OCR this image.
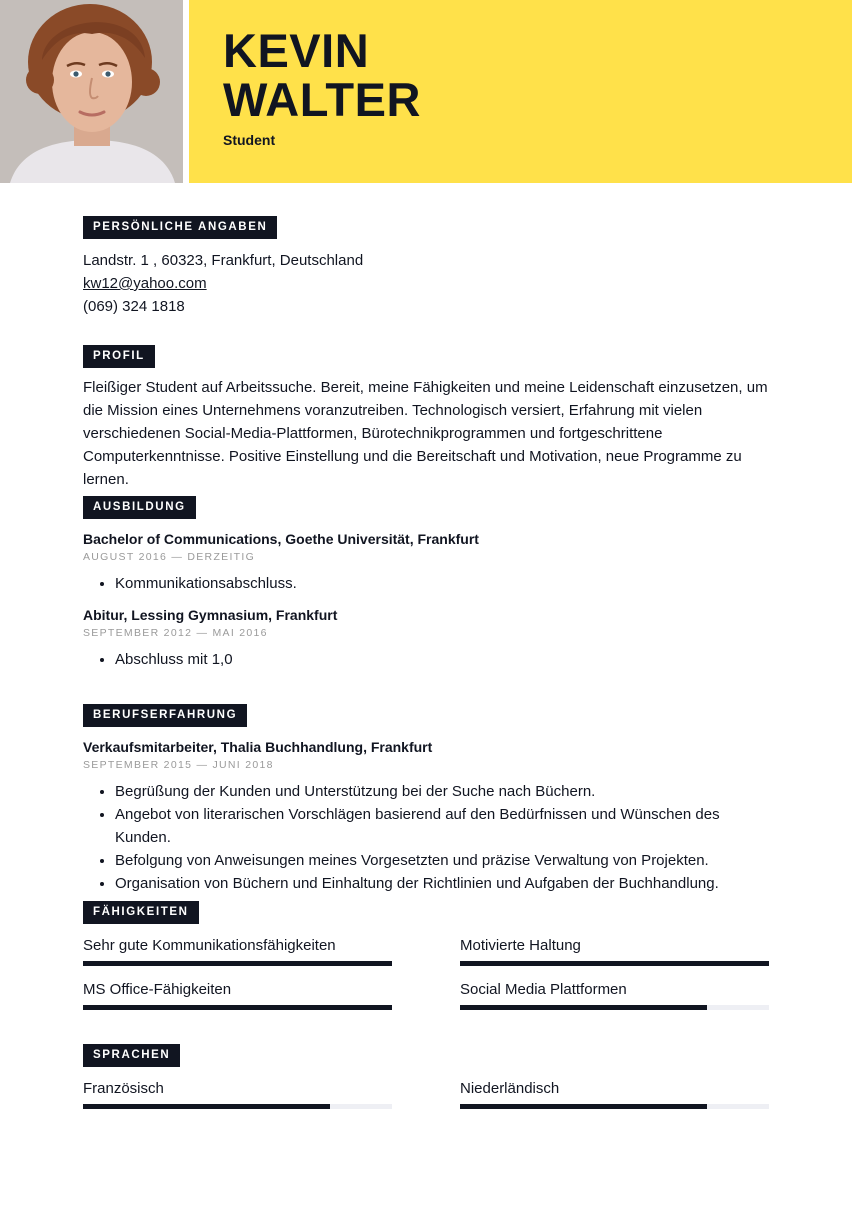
KEVIN
WALTER

Student

PERSÖNLICHE ANGABEN

Landstr. 1 , 60323, Frankfurt, Deutschland

kw12@yahoo.com

(069) 324 1818

PROFIL

Fleißiger Student auf Arbeitssuche. Bereit, meine Fähigkeiten und meine Leidenschaft einzusetzen, um die Mission eines Unternehmens voranzutreiben. Technologisch versiert, Erfahrung mit vielen verschiedenen Social-Media-Plattformen, Bürotechnikprogrammen und fortgeschrittene Computerkenntnisse. Positive Einstellung und die Bereitschaft und Motivation, neue Programme zu lernen.

AUSBILDUNG

Bachelor of Communications, Goethe Universität, Frankfurt

AUGUST 2016 — DERZEITIG

• Kommunikationsabschluss.

Abitur, Lessing Gymnasium, Frankfurt

SEPTEMBER 2012 — MAI 2016

• Abschluss mit 1,0
BERUFSERFAHRUNG

Verkaufsmitarbeiter, Thalia Buchhandlung, Frankfurt

SEPTEMBER 2015 — JUNI 2018

• Begrüßung der Kunden und Unterstützung bei der Suche nach Büchern.
• Angebot von literarischen Vorschlägen basierend auf den Bedürfnissen und Wünschen des Kunden.
• Befolgung von Anweisungen meines Vorgesetzten und präzise Verwaltung von Projekten.
• Organisation von Büchern und Einhaltung der Richtlinien und Aufgaben der Buchhandlung.
FÄHIGKEITEN

Sehr gute Kommunikationsfähigkeiten	Motivierte Haltung

MS Office-Fähigkeiten	Social Media Plattformen

SPRACHEN

Französisch	Niederländisch
